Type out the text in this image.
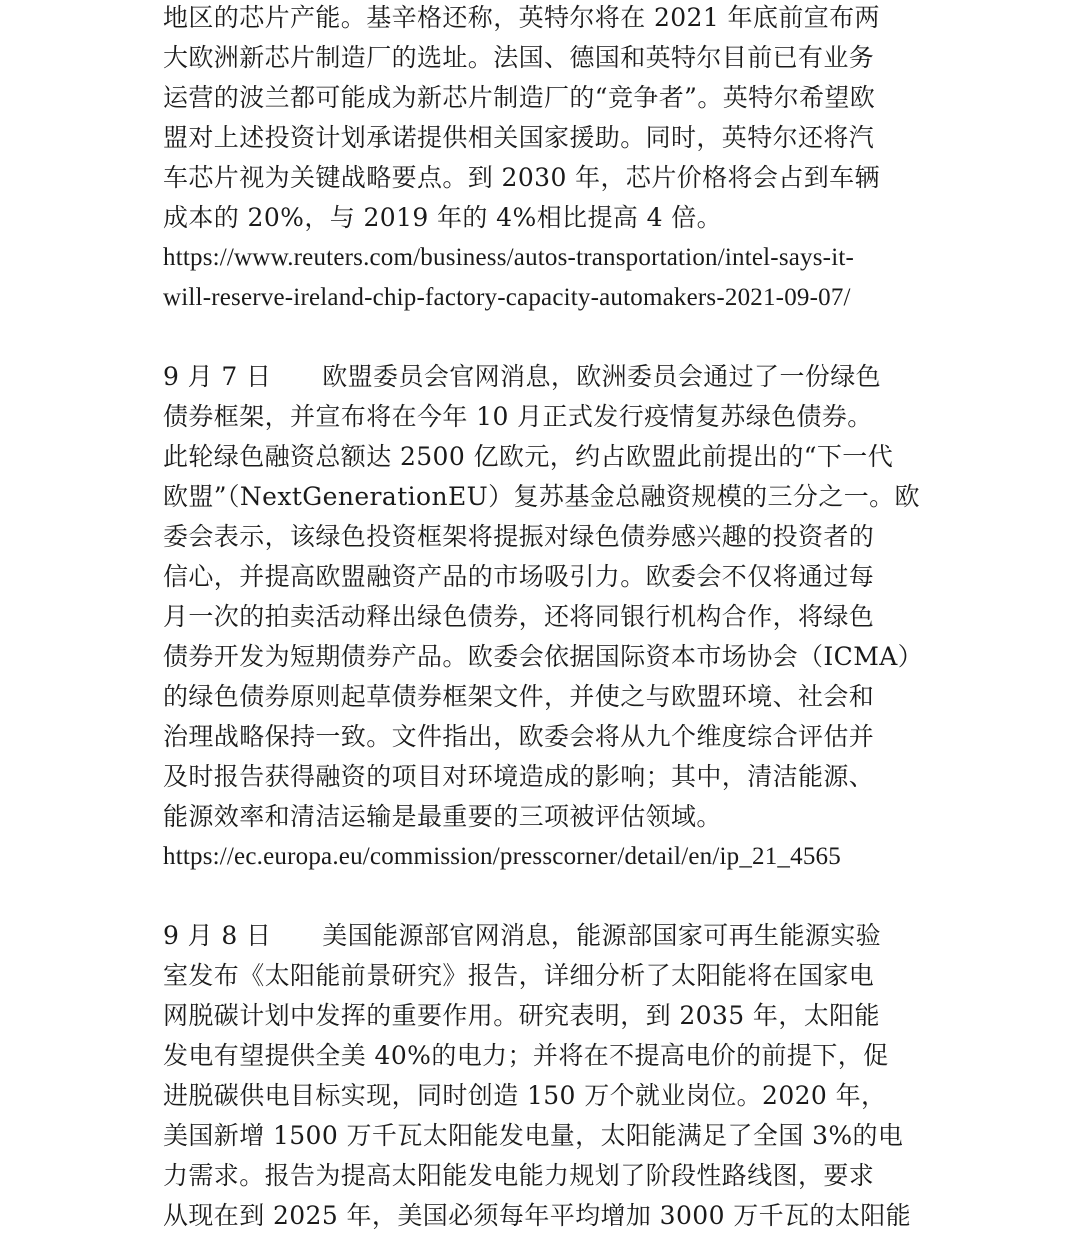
地区的芯片产能。基辛格还称，英特尔将在 2021 年底前宣布两
大欧洲新芯片制造厂的选址。法国、德国和英特尔目前已有业务
运营的波兰都可能成为新芯片制造厂的“竞争者”。英特尔希望欧
盟对上述投资计划承诺提供相关国家援助。同时，英特尔还将汽
车芯片视为关键战略要点。到 2030 年，芯片价格将会占到车辆
成本的 20%，与 2019 年的 4%相比提高 4 倍。
https://www.reuters.com/business/autos-transportation/intel-says-it-
will-reserve-ireland-chip-factory-capacity-automakers-2021-09-07/
9 月 7 日　　欧盟委员会官网消息，欧洲委员会通过了一份绿色
债券框架，并宣布将在今年 10 月正式发行疫情复苏绿色债券。
此轮绿色融资总额达 2500 亿欧元，约占欧盟此前提出的“下一代
欧盟”（NextGenerationEU）复苏基金总融资规模的三分之一。欧
委会表示，该绿色投资框架将提振对绿色债券感兴趣的投资者的
信心，并提高欧盟融资产品的市场吸引力。欧委会不仅将通过每
月一次的拍卖活动释出绿色债券，还将同银行机构合作，将绿色
债券开发为短期债券产品。欧委会依据国际资本市场协会（ICMA）
的绿色债券原则起草债券框架文件，并使之与欧盟环境、社会和
治理战略保持一致。文件指出，欧委会将从九个维度综合评估并
及时报告获得融资的项目对环境造成的影响；其中，清洁能源、
能源效率和清洁运输是最重要的三项被评估领域。
https://ec.europa.eu/commission/presscorner/detail/en/ip_21_4565
9 月 8 日　　美国能源部官网消息，能源部国家可再生能源实验
室发布《太阳能前景研究》报告，详细分析了太阳能将在国家电
网脱碳计划中发挥的重要作用。研究表明，到 2035 年，太阳能
发电有望提供全美 40%的电力；并将在不提高电价的前提下，促
进脱碳供电目标实现，同时创造 150 万个就业岗位。2020 年，
美国新增 1500 万千瓦太阳能发电量，太阳能满足了全国 3%的电
力需求。报告为提高太阳能发电能力规划了阶段性路线图，要求
从现在到 2025 年，美国必须每年平均增加 3000 万千瓦的太阳能
